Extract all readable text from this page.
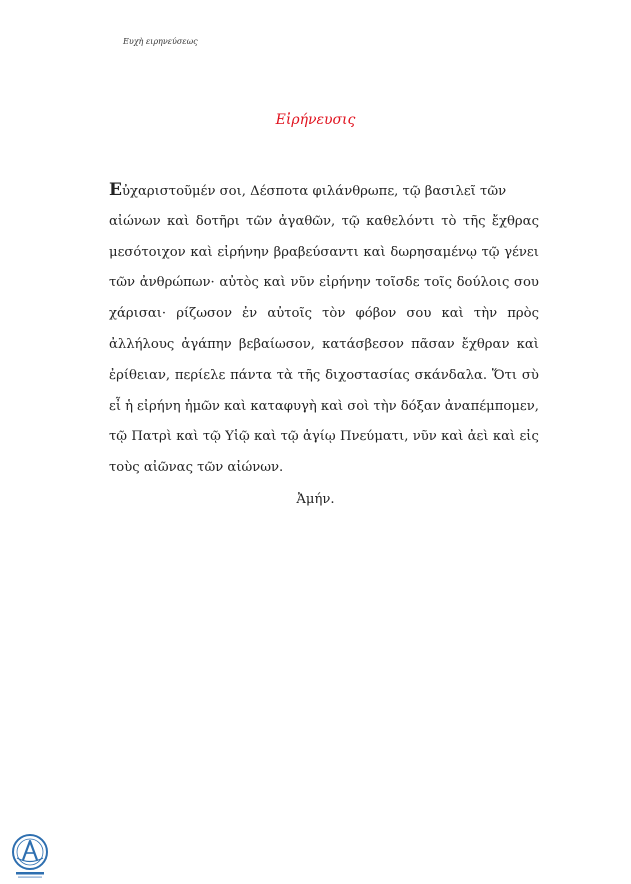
Ευχὴ ειρηνεύσεως
Εἰρήνευσις
Εὐχαριστοῦμέν σοι, Δέσποτα φιλάνθρωπε, τῷ βασιλεῖ τῶν
αἰώνων καὶ δοτῆρι τῶν ἀγαθῶν, τῷ καθελόντι τὸ τῆς ἔχθρας
μεσότοιχον καὶ εἰρήνην βραβεύσαντι καὶ δωρησαμένῳ τῷ γένει
τῶν ἀνθρώπων· αὐτὸς καὶ νῦν εἰρήνην τοῖσδε τοῖς δούλοις σου
χάρισαι· ρίζωσον ἐν αὐτοῖς τὸν φόβον σου καὶ τὴν πρὸς
ἀλλήλους ἀγάπην βεβαίωσον, κατάσβεσον πᾶσαν ἔχθραν καὶ
ἐρίθειαν, περίελε πάντα τὰ τῆς διχοστασίας σκάνδαλα. Ὅτι σὺ
εἶ ἡ εἰρήνη ἡμῶν καὶ καταφυγὴ καὶ σοὶ τὴν δόξαν ἀναπέμπομεν,
τῷ Πατρὶ καὶ τῷ Υἱῷ καὶ τῷ ἁγίῳ Πνεύματι, νῦν καὶ ἀεὶ καὶ εἰς
τοὺς αἰῶνας τῶν αἰώνων.
Ἀμήν.
